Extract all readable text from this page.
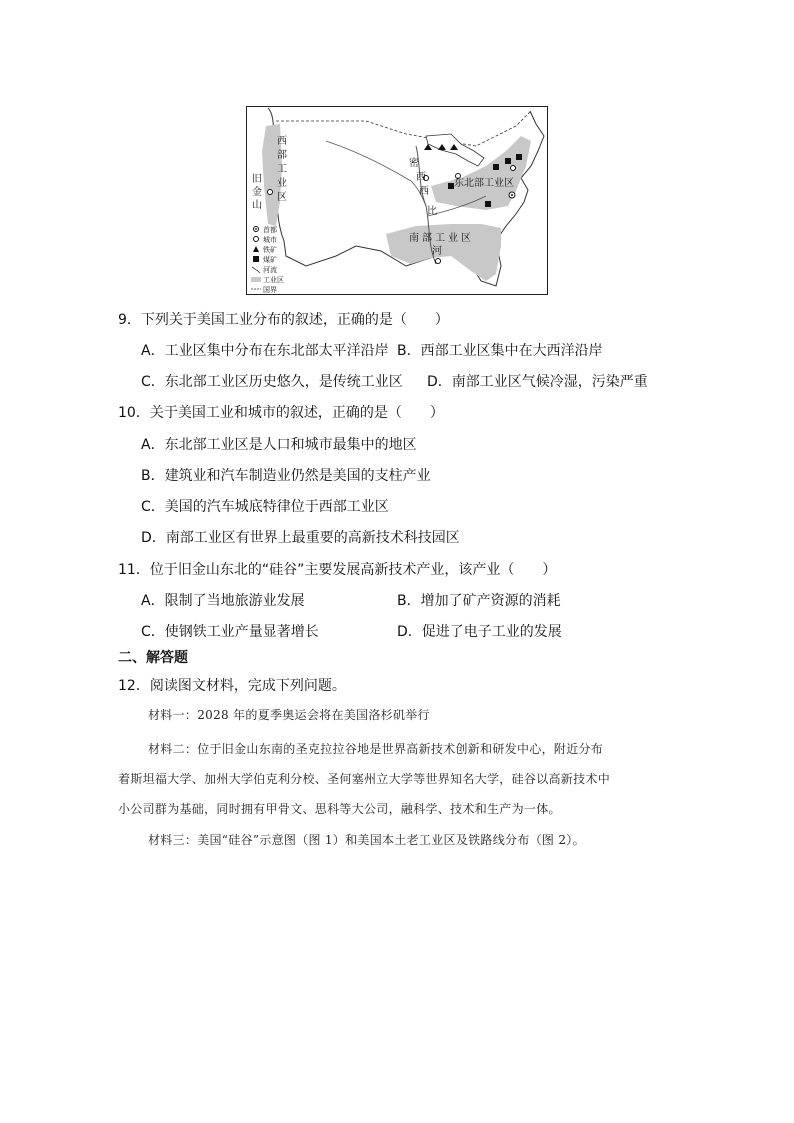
西
部
工
业
区
旧
金
山
密
西
西
比
河
东北部工业区
南部工业区
首都
城市
铁矿
煤矿
河流
工业区
国界
9．下列关于美国工业分布的叙述，正确的是（　　）
A．工业区集中分布在东北部太平洋沿岸 B．西部工业区集中在大西洋沿岸
C．东北部工业区历史悠久，是传统工业区 D．南部工业区气候冷湿，污染严重
10．关于美国工业和城市的叙述，正确的是（　　）
A．东北部工业区是人口和城市最集中的地区
B．建筑业和汽车制造业仍然是美国的支柱产业
C．美国的汽车城底特律位于西部工业区
D．南部工业区有世界上最重要的高新技术科技园区
11．位于旧金山东北的“硅谷”主要发展高新技术产业，该产业（　　）
A．限制了当地旅游业发展	B．增加了矿产资源的消耗
C．使钢铁工业产量显著增长	D．促进了电子工业的发展
二、解答题
12．阅读图文材料，完成下列问题。
材料一：2028 年的夏季奥运会将在美国洛杉矶举行
材料二：位于旧金山东南的圣克拉拉谷地是世界高新技术创新和研发中心，附近分布
着斯坦福大学、加州大学伯克利分校、圣何塞州立大学等世界知名大学，硅谷以高新技术中
小公司群为基础，同时拥有甲骨文、思科等大公司，融科学、技术和生产为一体。
材料三：美国“硅谷”示意图（图 1）和美国本土老工业区及铁路线分布（图 2）。
